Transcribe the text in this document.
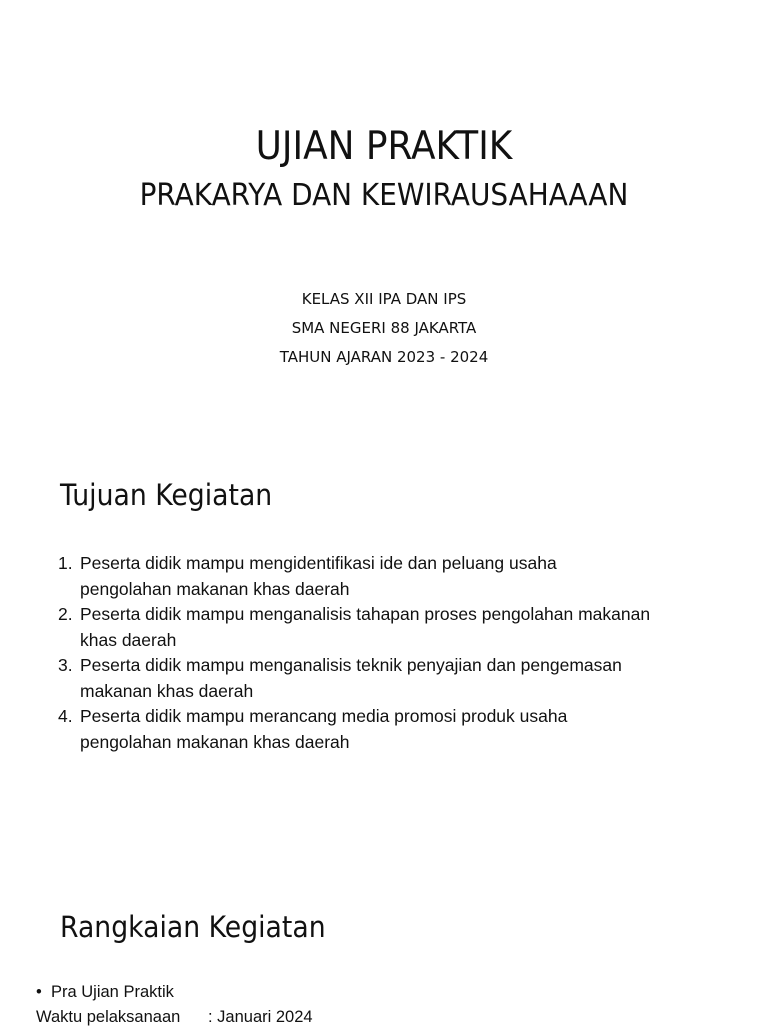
UJIAN PRAKTIK
PRAKARYA DAN KEWIRAUSAHAAAN
KELAS XII IPA DAN IPS
SMA NEGERI 88 JAKARTA
TAHUN AJARAN 2023 - 2024
Tujuan Kegiatan
1. Peserta didik mampu mengidentifikasi ide dan peluang usaha
pengolahan makanan khas daerah
2. Peserta didik mampu menganalisis tahapan proses pengolahan makanan
khas daerah
3. Peserta didik mampu menganalisis teknik penyajian dan pengemasan
makanan khas daerah
4. Peserta didik mampu merancang media promosi produk usaha
pengolahan makanan khas daerah
Rangkaian Kegiatan
• Pra Ujian Praktik
Waktu pelaksanaan	: Januari 2024
